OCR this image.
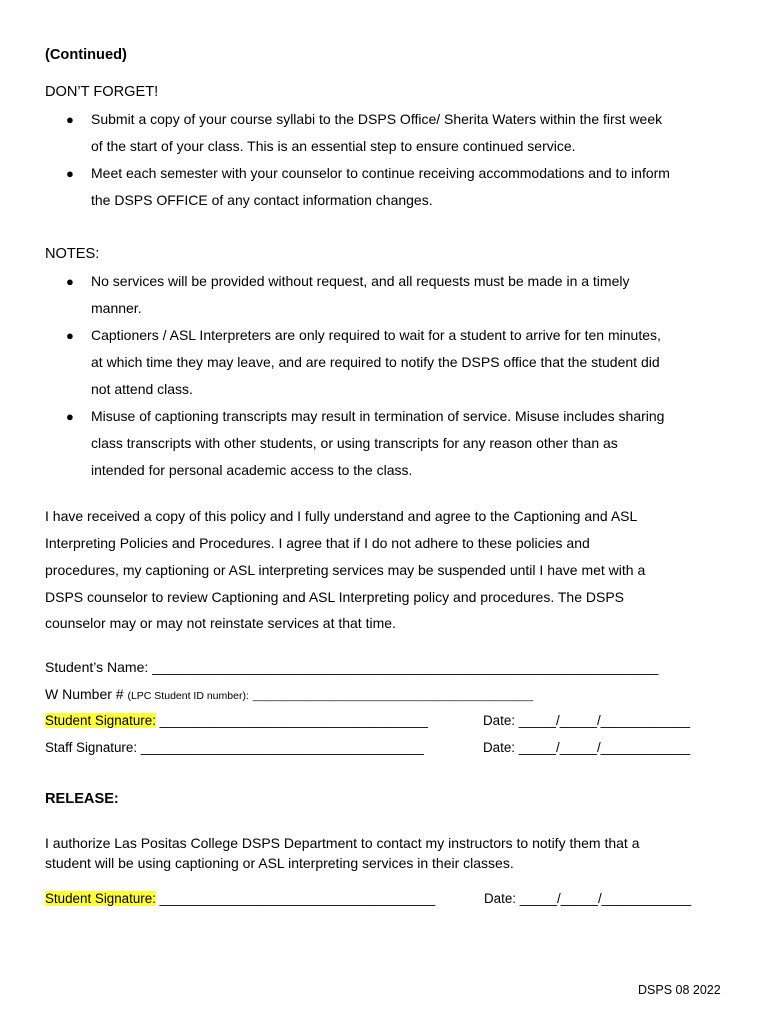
(Continued)
DON’T FORGET!
● Submit a copy of your course syllabi to the DSPS Office/ Sherita Waters within the first week
of the start of your class. This is an essential step to ensure continued service.
● Meet each semester with your counselor to continue receiving accommodations and to inform
the DSPS OFFICE of any contact information changes.
NOTES:
● No services will be provided without request, and all requests must be made in a timely
manner.
● Captioners / ASL Interpreters are only required to wait for a student to arrive for ten minutes,
at which time they may leave, and are required to notify the DSPS office that the student did
not attend class.
● Misuse of captioning transcripts may result in termination of service. Misuse includes sharing
class transcripts with other students, or using transcripts for any reason other than as
intended for personal academic access to the class.
I have received a copy of this policy and I fully understand and agree to the Captioning and ASL
Interpreting Policies and Procedures. I agree that if I do not adhere to these policies and
procedures, my captioning or ASL interpreting services may be suspended until I have met with a
DSPS counselor to review Captioning and ASL Interpreting policy and procedures. The DSPS
counselor may or may not reinstate services at that time.
Student’s Name: _________________________________________________________________
W Number # (LPC Student ID number): ________________________________________________
Student Signature: ____________________________________	Date: _____/_____/____________
Staff Signature: ______________________________________	Date: _____/_____/____________
RELEASE:
I authorize Las Positas College DSPS Department to contact my instructors to notify them that a
student will be using captioning or ASL interpreting services in their classes.
Student Signature: _____________________________________	Date: _____/_____/____________
DSPS 08 2022
